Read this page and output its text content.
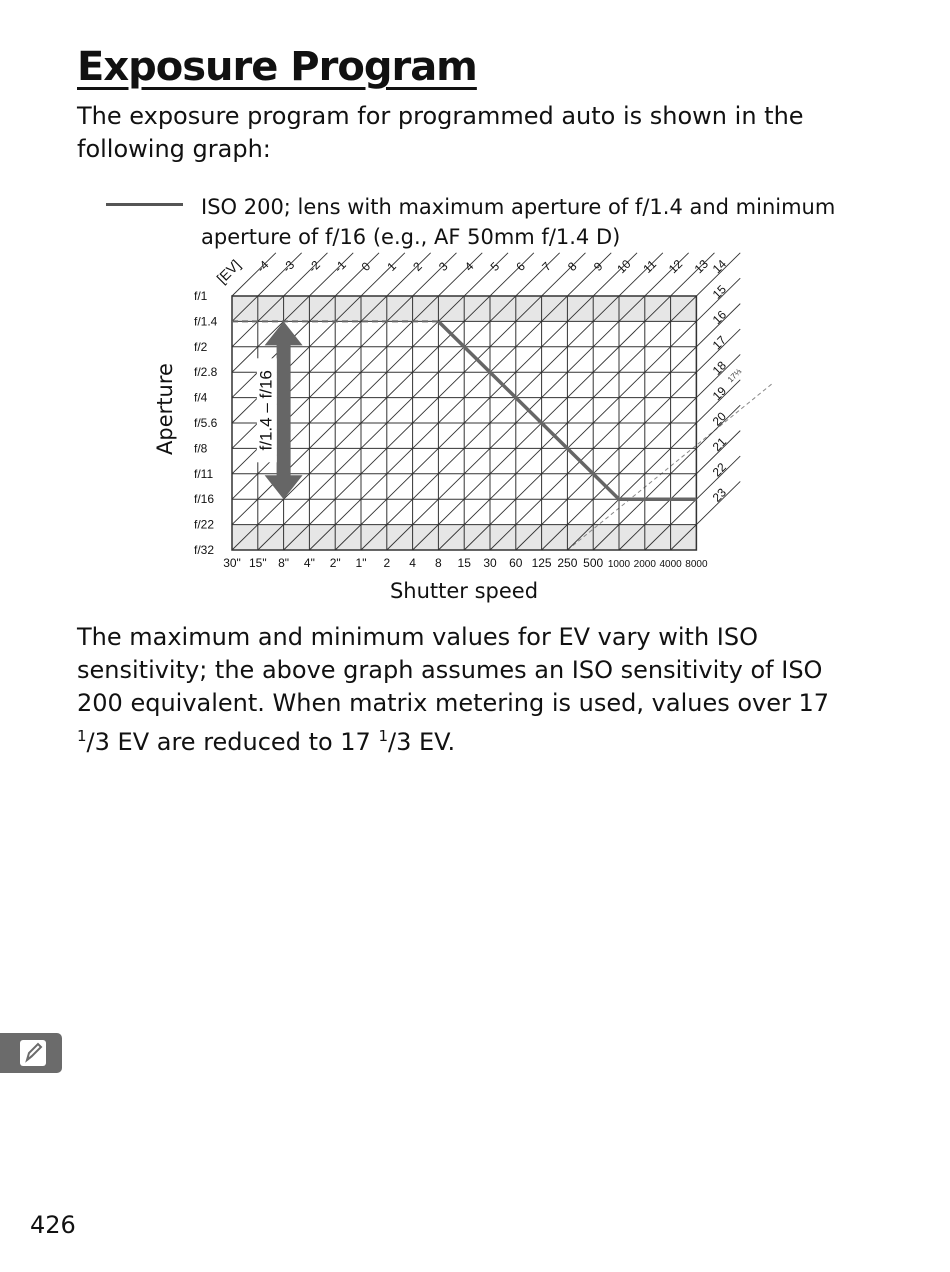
Exposure Program

The exposure program for programmed auto is shown in the following graph:

ISO 200; lens with maximum aperture of f/1.4 and minimum aperture of f/16 (e.g., AF 50mm f/1.4 D)

-4 -3 -2 -1 0 1 2 3 4 5 6 7 8 9 10 11 12 13
14
15
16
17
18
19
20
21
22
23
17⅓
[EV]
f/1
f/1.4
f/2
f/2.8
f/4
f/5.6
f/8
f/11
f/16
f/22
f/32
30" 15" 8" 4" 2" 1" 2 4 8 15 30 60 125 250 500 1000 2000 4000 8000
f/1.4 – f/16
Aperture
Shutter speed

The maximum and minimum values for EV vary with ISO sensitivity; the above graph assumes an ISO sensitivity of ISO 200 equivalent. When matrix metering is used, values over 17 $^1$/3 EV are reduced to 17 $^1$/3 EV.

426
